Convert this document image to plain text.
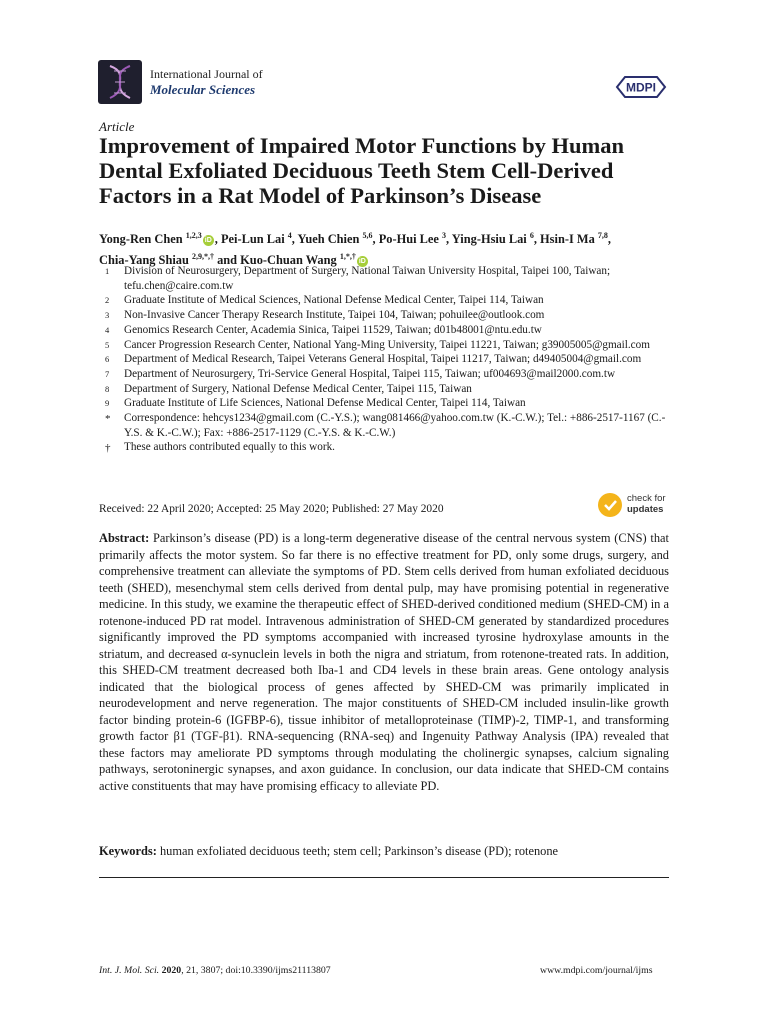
International Journal of
Molecular Sciences	MDPI
Article
Improvement of Impaired Motor Functions by Human Dental Exfoliated Deciduous Teeth Stem Cell-Derived Factors in a Rat Model of Parkinson’s Disease
Yong-Ren Chen $^{1,2,3}$iD , Pei-Lun Lai $^4$, Yueh Chien $^{5,6}$, Po-Hui Lee $^3$, Ying-Hsiu Lai $^6$, Hsin-I Ma $^{7,8}$,
Chia-Yang Shiau $^{2,9,*,\dagger}$ and Kuo-Chuan Wang $^{1,*,\dagger}$iD
1 Division of Neurosurgery, Department of Surgery, National Taiwan University Hospital, Taipei 100, Taiwan; tefu.chen@caire.com.tw
2 Graduate Institute of Medical Sciences, National Defense Medical Center, Taipei 114, Taiwan
3 Non-Invasive Cancer Therapy Research Institute, Taipei 104, Taiwan; pohuilee@outlook.com
4 Genomics Research Center, Academia Sinica, Taipei 11529, Taiwan; d01b48001@ntu.edu.tw
5 Cancer Progression Research Center, National Yang-Ming University, Taipei 11221, Taiwan; g39005005@gmail.com
6 Department of Medical Research, Taipei Veterans General Hospital, Taipei 11217, Taiwan; d49405004@gmail.com
7 Department of Neurosurgery, Tri-Service General Hospital, Taipei 115, Taiwan; uf004693@mail2000.com.tw
8 Department of Surgery, National Defense Medical Center, Taipei 115, Taiwan
9 Graduate Institute of Life Sciences, National Defense Medical Center, Taipei 114, Taiwan
* Correspondence: hehcys1234@gmail.com (C.-Y.S.); wang081466@yahoo.com.tw (K.-C.W.); Tel.: +886-2517-1167 (C.-Y.S. & K.-C.W.); Fax: +886-2517-1129 (C.-Y.S. & K.-C.W.)
† These authors contributed equally to this work.
Received: 22 April 2020; Accepted: 25 May 2020; Published: 27 May 2020
check for
updates
Abstract: Parkinson’s disease (PD) is a long-term degenerative disease of the central nervous system (CNS) that primarily affects the motor system. So far there is no effective treatment for PD, only some drugs, surgery, and comprehensive treatment can alleviate the symptoms of PD. Stem cells derived from human exfoliated deciduous teeth (SHED), mesenchymal stem cells derived from dental pulp, may have promising potential in regenerative medicine. In this study, we examine the therapeutic effect of SHED-derived conditioned medium (SHED-CM) in a rotenone-induced PD rat model. Intravenous administration of SHED-CM generated by standardized procedures significantly improved the PD symptoms accompanied with increased tyrosine hydroxylase amounts in the striatum, and decreased α-synuclein levels in both the nigra and striatum, from rotenone-treated rats. In addition, this SHED-CM treatment decreased both Iba-1 and CD4 levels in these brain areas. Gene ontology analysis indicated that the biological process of genes affected by SHED-CM was primarily implicated in neurodevelopment and nerve regeneration. The major constituents of SHED-CM included insulin-like growth factor binding protein-6 (IGFBP-6), tissue inhibitor of metalloproteinase (TIMP)-2, TIMP-1, and transforming growth factor β1 (TGF-β1). RNA-sequencing (RNA-seq) and Ingenuity Pathway Analysis (IPA) revealed that these factors may ameliorate PD symptoms through modulating the cholinergic synapses, calcium signaling pathways, serotoninergic synapses, and axon guidance. In conclusion, our data indicate that SHED-CM contains active constituents that may have promising efficacy to alleviate PD.
Keywords: human exfoliated deciduous teeth; stem cell; Parkinson’s disease (PD); rotenone
Int. J. Mol. Sci. 2020, 21, 3807; doi:10.3390/ijms21113807	www.mdpi.com/journal/ijms
